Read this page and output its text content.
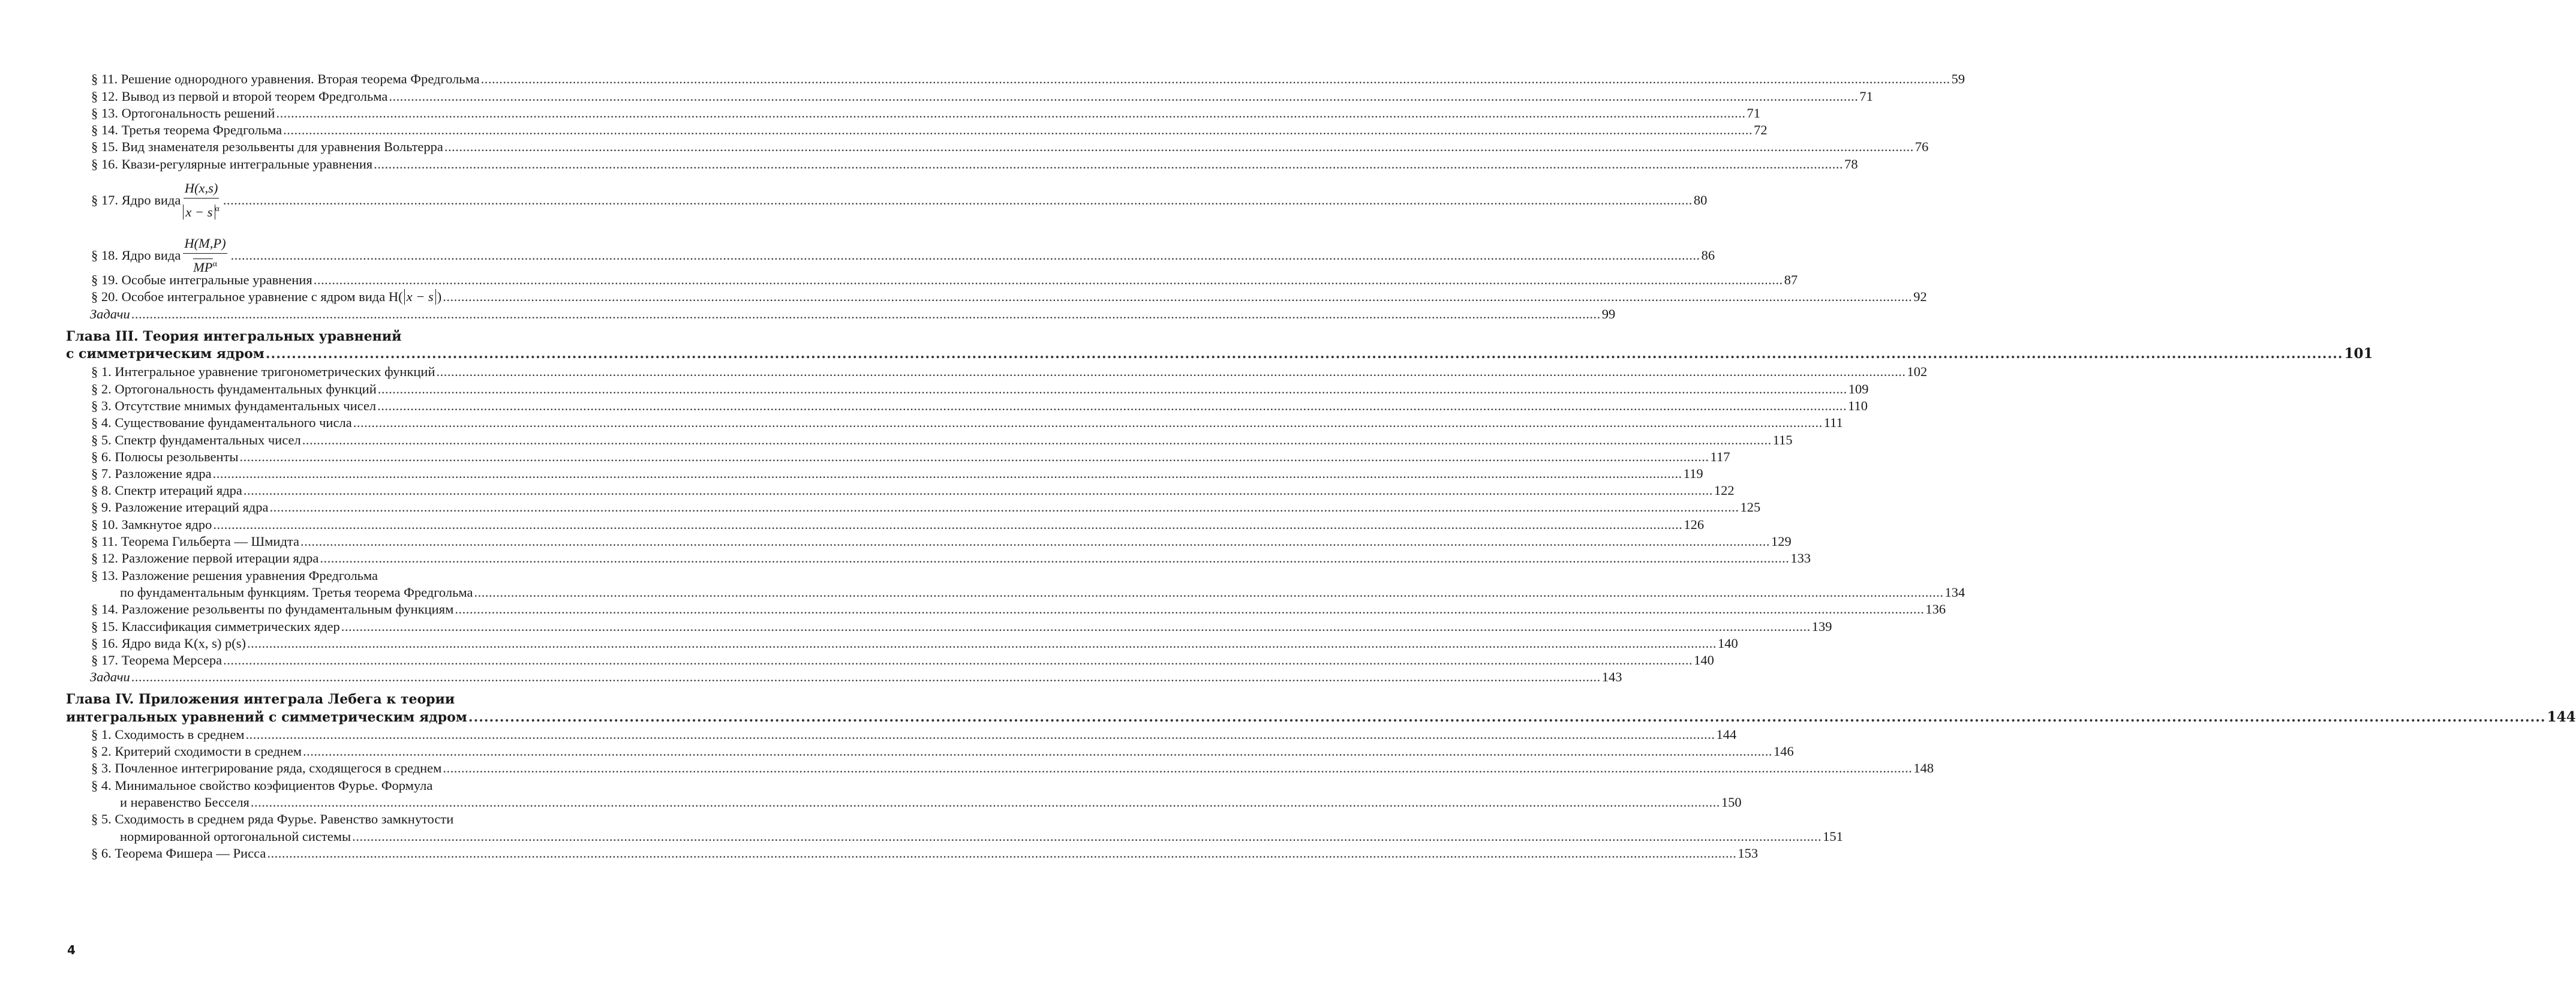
§ 11. Решение однородного уравнения. Вторая теорема Фредгольма ................................................................................................................................................................................................................................................................................................................................................................................................................ 59
§ 12. Вывод из первой и второй теорем Фредгольма ................................................................................................................................................................................................................................................................................................................................................................................................................ 71
§ 13. Ортогональность решений ................................................................................................................................................................................................................................................................................................................................................................................................................ 71
§ 14. Третья теорема Фредгольма ................................................................................................................................................................................................................................................................................................................................................................................................................ 72
§ 15. Вид знаменателя резольвенты для уравнения Вольтерра ................................................................................................................................................................................................................................................................................................................................................................................................................ 76
§ 16. Квази-регулярные интегральные уравнения ................................................................................................................................................................................................................................................................................................................................................................................................................ 78
§ 17. Ядро вида $\frac{H(x,s)}{x - s ^\alpha}$ ................................................................................................................................................................................................................................................................................................................................................................................................................ 80
§ 18. Ядро вида $\frac{H(M,P)}{MP^\alpha}$ ................................................................................................................................................................................................................................................................................................................................................................................................................ 86
§ 19. Особые интегральные уравнения ................................................................................................................................................................................................................................................................................................................................................................................................................ 87
§ 20. Особое интегральное уравнение с ядром вида H( x − s ) ................................................................................................................................................................................................................................................................................................................................................................................................................ 92
Задачи ................................................................................................................................................................................................................................................................................................................................................................................................................ 99
Глава III. Теория интегральных уравнений
с симметрическим ядром ................................................................................................................................................................................................................................................................................................................................................................................................................ 101
§ 1. Интегральное уравнение тригонометрических функций ................................................................................................................................................................................................................................................................................................................................................................................................................ 102
§ 2. Ортогональность фундаментальных функций ................................................................................................................................................................................................................................................................................................................................................................................................................ 109
§ 3. Отсутствие мнимых фундаментальных чисел ................................................................................................................................................................................................................................................................................................................................................................................................................ 110
§ 4. Существование фундаментального числа ................................................................................................................................................................................................................................................................................................................................................................................................................ 111
§ 5. Спектр фундаментальных чисел ................................................................................................................................................................................................................................................................................................................................................................................................................ 115
§ 6. Полюсы резольвенты ................................................................................................................................................................................................................................................................................................................................................................................................................ 117
§ 7. Разложение ядра ................................................................................................................................................................................................................................................................................................................................................................................................................ 119
§ 8. Спектр итераций ядра ................................................................................................................................................................................................................................................................................................................................................................................................................ 122
§ 9. Разложение итераций ядра ................................................................................................................................................................................................................................................................................................................................................................................................................ 125
§ 10. Замкнутое ядро ................................................................................................................................................................................................................................................................................................................................................................................................................ 126
§ 11. Теорема Гильберта — Шмидта ................................................................................................................................................................................................................................................................................................................................................................................................................ 129
§ 12. Разложение первой итерации ядра ................................................................................................................................................................................................................................................................................................................................................................................................................ 133
§ 13. Разложение решения уравнения Фредгольма
по фундаментальным функциям. Третья теорема Фредгольма ................................................................................................................................................................................................................................................................................................................................................................................................................ 134
§ 14. Разложение резольвенты по фундаментальным функциям ................................................................................................................................................................................................................................................................................................................................................................................................................ 136
§ 15. Классификация симметрических ядер ................................................................................................................................................................................................................................................................................................................................................................................................................ 139
§ 16. Ядро вида K(x, s) p(s) ................................................................................................................................................................................................................................................................................................................................................................................................................ 140
§ 17. Теорема Мерсера ................................................................................................................................................................................................................................................................................................................................................................................................................ 140
Задачи ................................................................................................................................................................................................................................................................................................................................................................................................................ 143
Глава IV. Приложения интеграла Лебега к теории
интегральных уравнений с симметрическим ядром ................................................................................................................................................................................................................................................................................................................................................................................................................ 144
§ 1. Сходимость в среднем ................................................................................................................................................................................................................................................................................................................................................................................................................ 144
§ 2. Критерий сходимости в среднем ................................................................................................................................................................................................................................................................................................................................................................................................................ 146
§ 3. Почленное интегрирование ряда, сходящегося в среднем ................................................................................................................................................................................................................................................................................................................................................................................................................ 148
§ 4. Минимальное свойство коэфициентов Фурье. Формула
и неравенство Бесселя ................................................................................................................................................................................................................................................................................................................................................................................................................ 150
§ 5. Сходимость в среднем ряда Фурье. Равенство замкнутости
нормированной ортогональной системы ................................................................................................................................................................................................................................................................................................................................................................................................................ 151
§ 6. Теорема Фишера — Рисса ................................................................................................................................................................................................................................................................................................................................................................................................................ 153
4
